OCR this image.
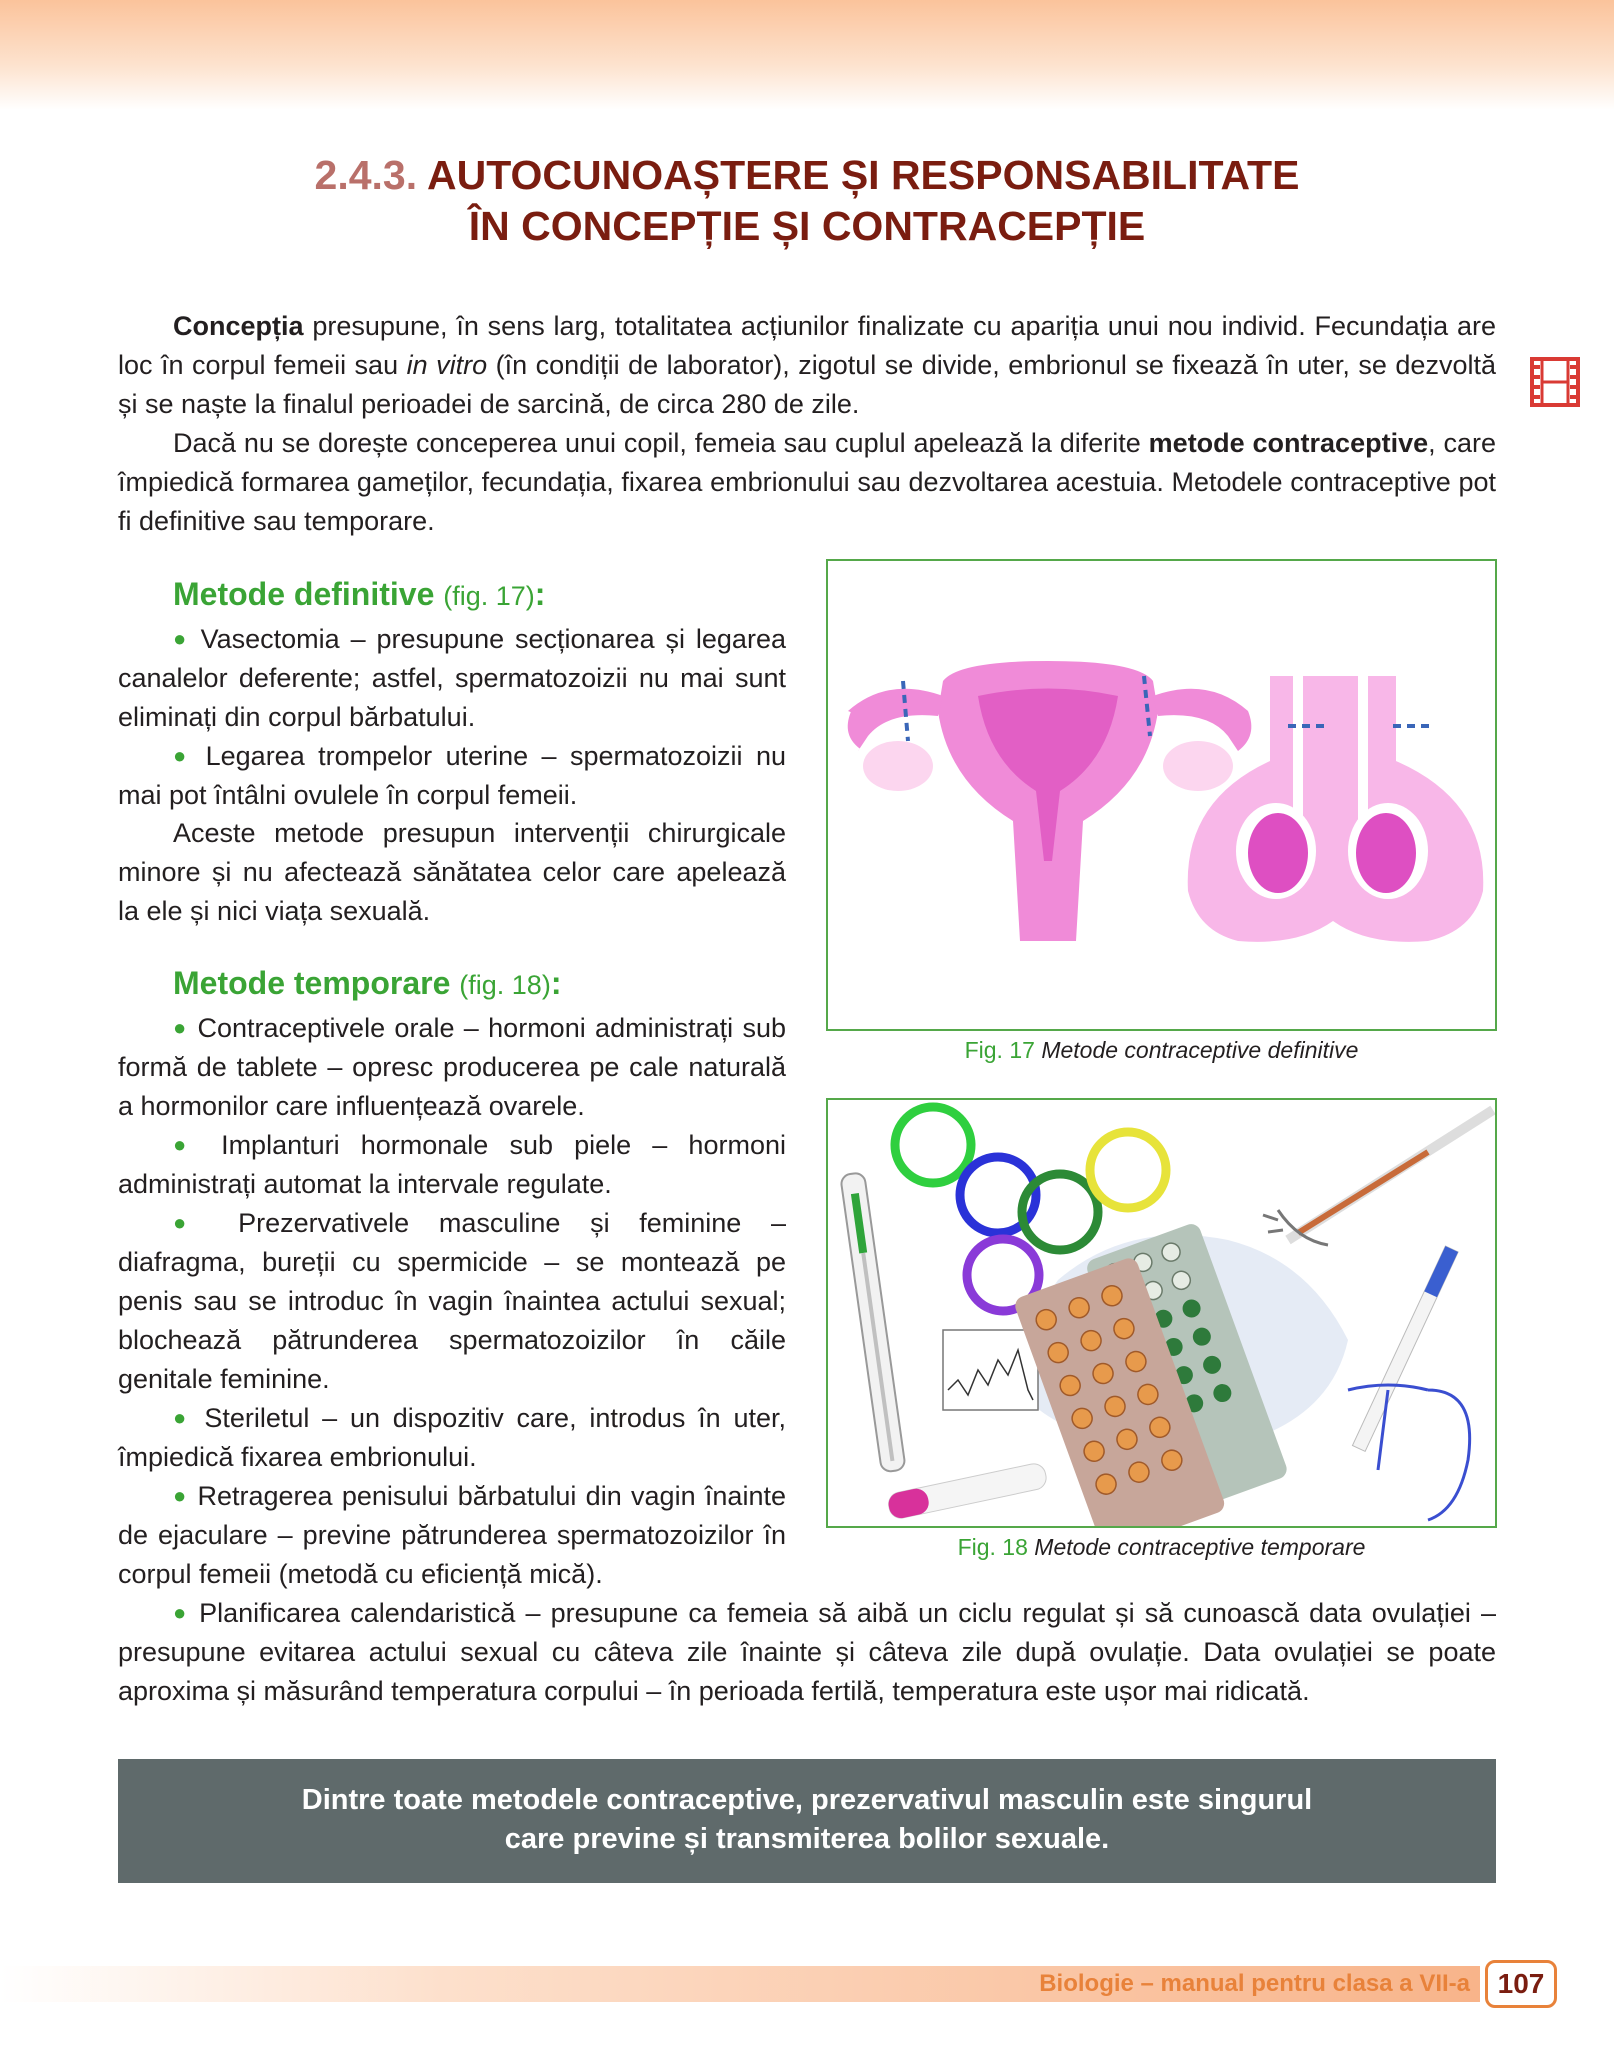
2.4.3. AUTOCUNOAȘTERE ȘI RESPONSABILITATE
ÎN CONCEPȚIE ȘI CONTRACEPȚIE
Concepția presupune, în sens larg, totalitatea acțiunilor finalizate cu apariția unui nou individ. Fecundația are loc în corpul femeii sau in vitro (în condiții de laborator), zigotul se divide, embrionul se fixează în uter, se dezvoltă și se naște la finalul perioadei de sarcină, de circa 280 de zile.
Dacă nu se dorește conceperea unui copil, femeia sau cuplul apelează la diferite metode contraceptive, care împiedică formarea gameților, fecundația, fixarea embrionului sau dezvoltarea acestuia. Metodele contraceptive pot fi definitive sau temporare.
Metode definitive (fig. 17):
● Vasectomia – presupune secționarea și legarea canalelor deferente; astfel, spermatozoizii nu mai sunt eliminați din corpul bărbatului.
● Legarea trompelor uterine – spermatozoizii nu mai pot întâlni ovulele în corpul femeii.
Aceste metode presupun intervenții chirurgicale minore și nu afectează sănătatea celor care apelează la ele și nici viața sexuală.
Metode temporare (fig. 18):
● Contraceptivele orale – hormoni administrați sub formă de tablete – opresc producerea pe cale naturală a hormonilor care influențează ovarele.
● Implanturi hormonale sub piele – hormoni administrați automat la intervale regulate.
● Prezervativele masculine și feminine – diafragma, bureții cu spermicide – se montează pe penis sau se introduc în vagin înaintea actului sexual; blochează pătrunderea spermatozoizilor în căile genitale feminine.
● Steriletul – un dispozitiv care, introdus în uter, împiedică fixarea embrionului.
● Retragerea penisului bărbatului din vagin înainte de ejaculare – previne pătrunderea spermatozoizilor în corpul femeii (metodă cu eficiență mică).
● Planificarea calendaristică – presupune ca femeia să aibă un ciclu regulat și să cunoască data ovulației – presupune evitarea actului sexual cu câteva zile înainte și câteva zile după ovulație. Data ovulației se poate aproxima și măsurând temperatura corpului – în perioada fertilă, temperatura este ușor mai ridicată.
Fig. 17 Metode contraceptive definitive
Fig. 18 Metode contraceptive temporare
Dintre toate metodele contraceptive, prezervativul masculin este singurul
care previne și transmiterea bolilor sexuale.
Biologie – manual pentru clasa a VII-a 107
